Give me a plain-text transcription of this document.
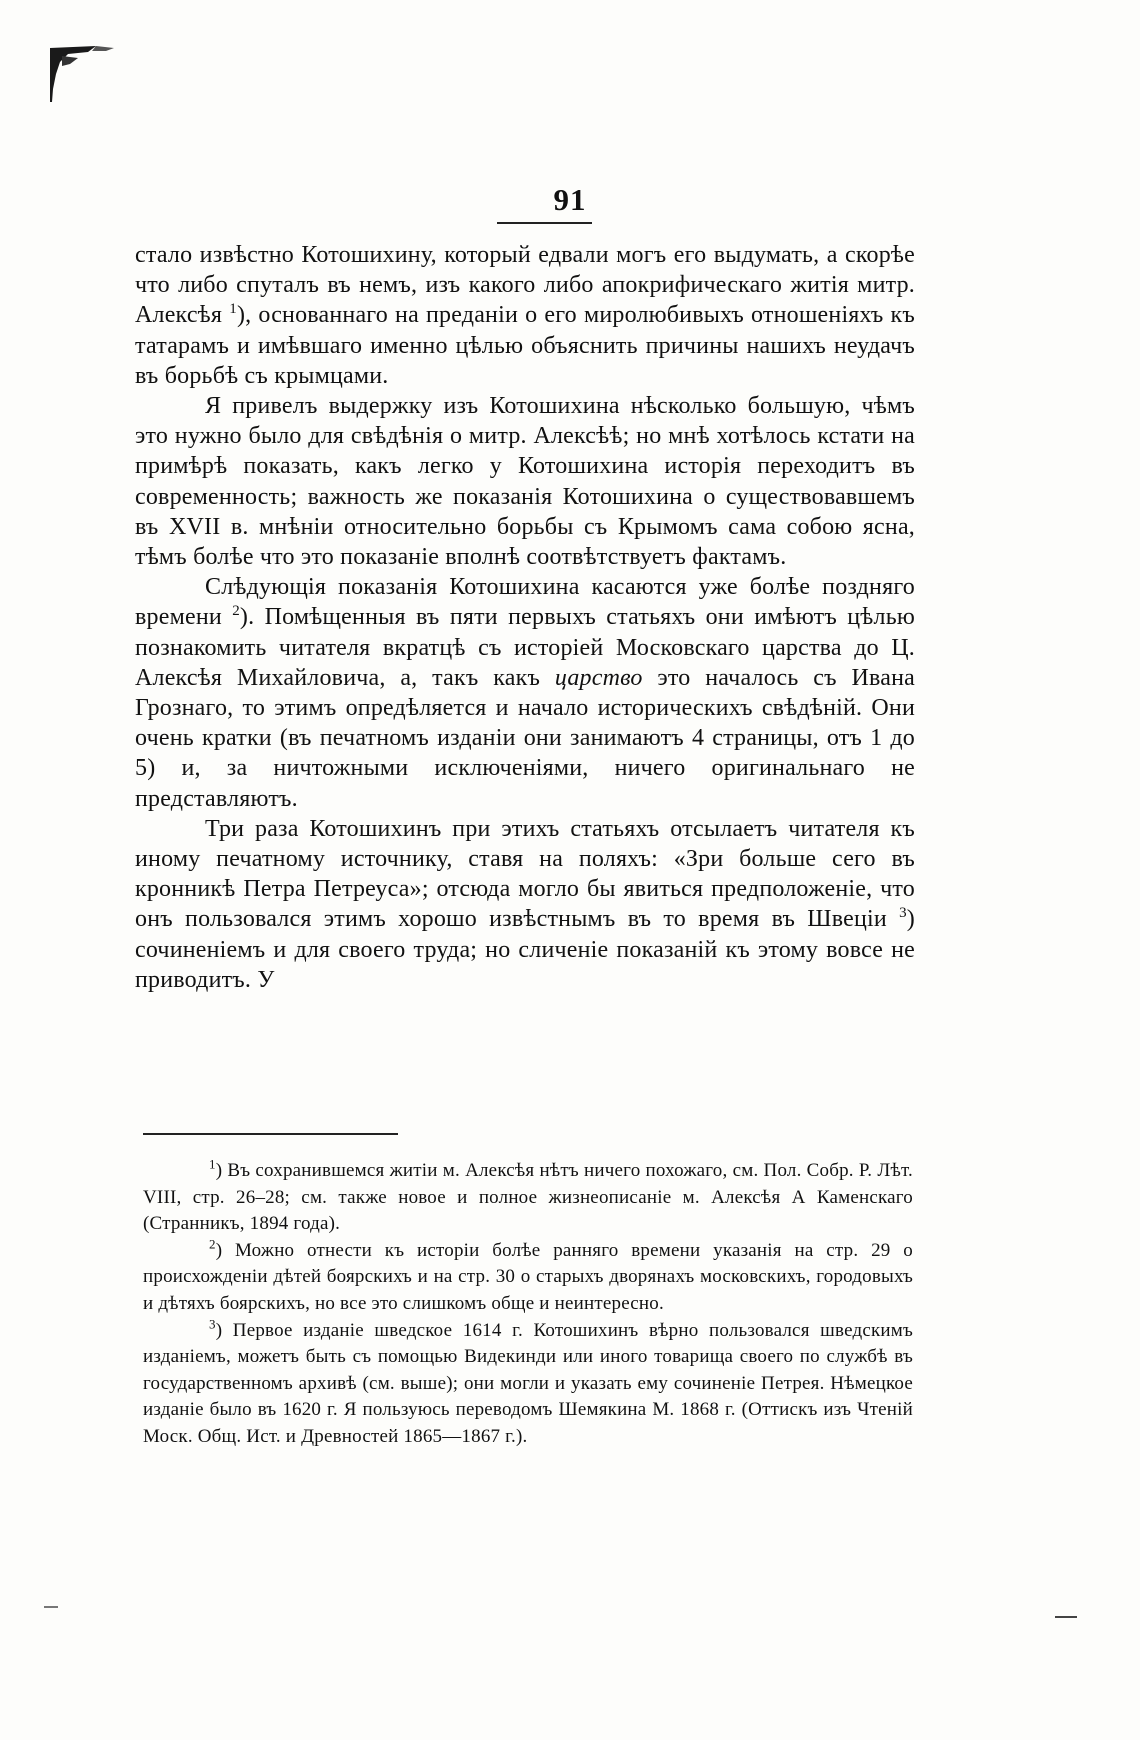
91

стало извѣстно Котошихину, который едвали могъ его выдумать, а скорѣе что либо спуталъ въ немъ, изъ какого либо апокрифическаго житія митр. Алексѣя $^1$), основаннаго на преданіи о его миролюбивыхъ отношеніяхъ къ татарамъ и имѣвшаго именно цѣлью объяснить причины нашихъ неудачъ въ борьбѣ съ крымцами.

Я привелъ выдержку изъ Котошихина нѣсколько большую, чѣмъ это нужно было для свѣдѣнія о митр. Алексѣѣ; но мнѣ хотѣлось кстати на примѣрѣ показать, какъ легко у Котошихина исторія переходитъ въ современность; важность же показанія Котошихина о существовавшемъ въ XVII в. мнѣніи относительно борьбы съ Крымомъ сама собою ясна, тѣмъ болѣе что это показаніе вполнѣ соотвѣтствуетъ фактамъ.

Слѣдующія показанія Котошихина касаются уже болѣе поздняго времени $^2$). Помѣщенныя въ пяти первыхъ статьяхъ они имѣютъ цѣлью познакомить читателя вкратцѣ съ исторіей Московскаго царства до Ц. Алексѣя Михайловича, а, такъ какъ царство это началось съ Ивана Грознаго, то этимъ опредѣляется и начало историческихъ свѣдѣній. Они очень кратки (въ печатномъ изданіи они занимаютъ 4 страницы, отъ 1 до 5) и, за ничтожными исключеніями, ничего оригинальнаго не представляютъ.

Три раза Котошихинъ при этихъ статьяхъ отсылаетъ читателя къ иному печатному источнику, ставя на поляхъ: «Зри больше сего въ кронникѣ Петра Петреуса»; отсюда могло бы явиться предположеніе, что онъ пользовался этимъ хорошо извѣстнымъ въ то время въ Швеціи $^3$) сочиненіемъ и для своего труда; но сличеніе показаній къ этому вовсе не приводитъ. У

$^1$) Въ сохранившемся житіи м. Алексѣя нѣтъ ничего похожаго, см. Пол. Собр. Р. Лѣт. VIII, стр. 26–28; см. также новое и полное жизнеописаніе м. Алексѣя А Каменскаго (Странникъ, 1894 года).

$^2$) Можно отнести къ исторіи болѣе ранняго времени указанія на стр. 29 о происхожденіи дѣтей боярскихъ и на стр. 30 о старыхъ дворянахъ московскихъ, городовыхъ и дѣтяхъ боярскихъ, но все это слишкомъ обще и неинтересно.

$^3$) Первое изданіе шведское 1614 г. Котошихинъ вѣрно пользовался шведскимъ изданіемъ, можетъ быть съ помощью Видекинди или иного товарища своего по службѣ въ государственномъ архивѣ (см. выше); они могли и указать ему сочиненіе Петрея. Нѣмецкое изданіе было въ 1620 г. Я пользуюсь переводомъ Шемякина М. 1868 г. (Оттискъ изъ Чтеній Моск. Общ. Ист. и Древностей 1865—1867 г.).
